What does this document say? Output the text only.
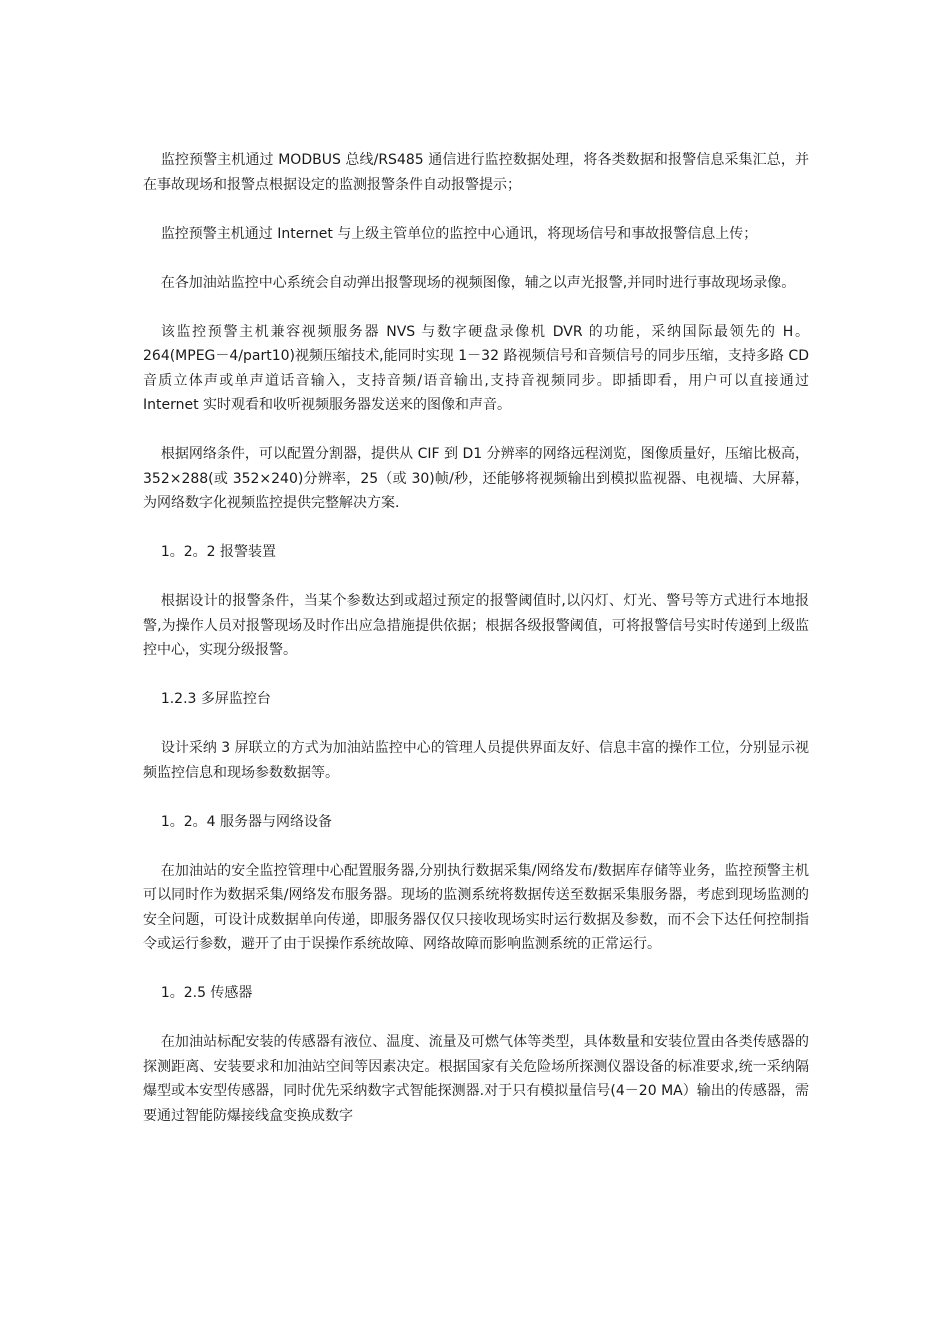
监控预警主机通过 MODBUS 总线/RS485 通信进行监控数据处理，将各类数据和报警信息采集汇总，并在事故现场和报警点根据设定的监测报警条件自动报警提示；

监控预警主机通过 Internet 与上级主管单位的监控中心通讯，将现场信号和事故报警信息上传；

在各加油站监控中心系统会自动弹出报警现场的视频图像，辅之以声光报警,并同时进行事故现场录像。

该监控预警主机兼容视频服务器 NVS 与数字硬盘录像机 DVR 的功能，采纳国际最领先的 H。264(MPEG－4/part10)视频压缩技术,能同时实现 1－32 路视频信号和音频信号的同步压缩，支持多路 CD 音质立体声或单声道话音输入，支持音频/语音输出,支持音视频同步。即插即看，用户可以直接通过 Internet 实时观看和收听视频服务器发送来的图像和声音。

根据网络条件，可以配置分割器，提供从 CIF 到 D1 分辨率的网络远程浏览，图像质量好，压缩比极高，352×288(或 352×240)分辨率，25（或 30)帧/秒，还能够将视频输出到模拟监视器、电视墙、大屏幕，为网络数字化视频监控提供完整解决方案.

1。2。2 报警装置

根据设计的报警条件，当某个参数达到或超过预定的报警阈值时,以闪灯、灯光、警号等方式进行本地报警,为操作人员对报警现场及时作出应急措施提供依据；根据各级报警阈值，可将报警信号实时传递到上级监控中心，实现分级报警。

1.2.3 多屏监控台

设计采纳 3 屏联立的方式为加油站监控中心的管理人员提供界面友好、信息丰富的操作工位，分别显示视频监控信息和现场参数数据等。

1。2。4 服务器与网络设备

在加油站的安全监控管理中心配置服务器,分别执行数据采集/网络发布/数据库存储等业务，监控预警主机可以同时作为数据采集/网络发布服务器。现场的监测系统将数据传送至数据采集服务器，考虑到现场监测的安全问题，可设计成数据单向传递，即服务器仅仅只接收现场实时运行数据及参数，而不会下达任何控制指令或运行参数，避开了由于误操作系统故障、网络故障而影响监测系统的正常运行。

1。2.5 传感器

在加油站标配安装的传感器有液位、温度、流量及可燃气体等类型，具体数量和安装位置由各类传感器的探测距离、安装要求和加油站空间等因素决定。根据国家有关危险场所探测仪器设备的标准要求,统一采纳隔爆型或本安型传感器，同时优先采纳数字式智能探测器.对于只有模拟量信号(4－20 MA）输出的传感器，需要通过智能防爆接线盒变换成数字
